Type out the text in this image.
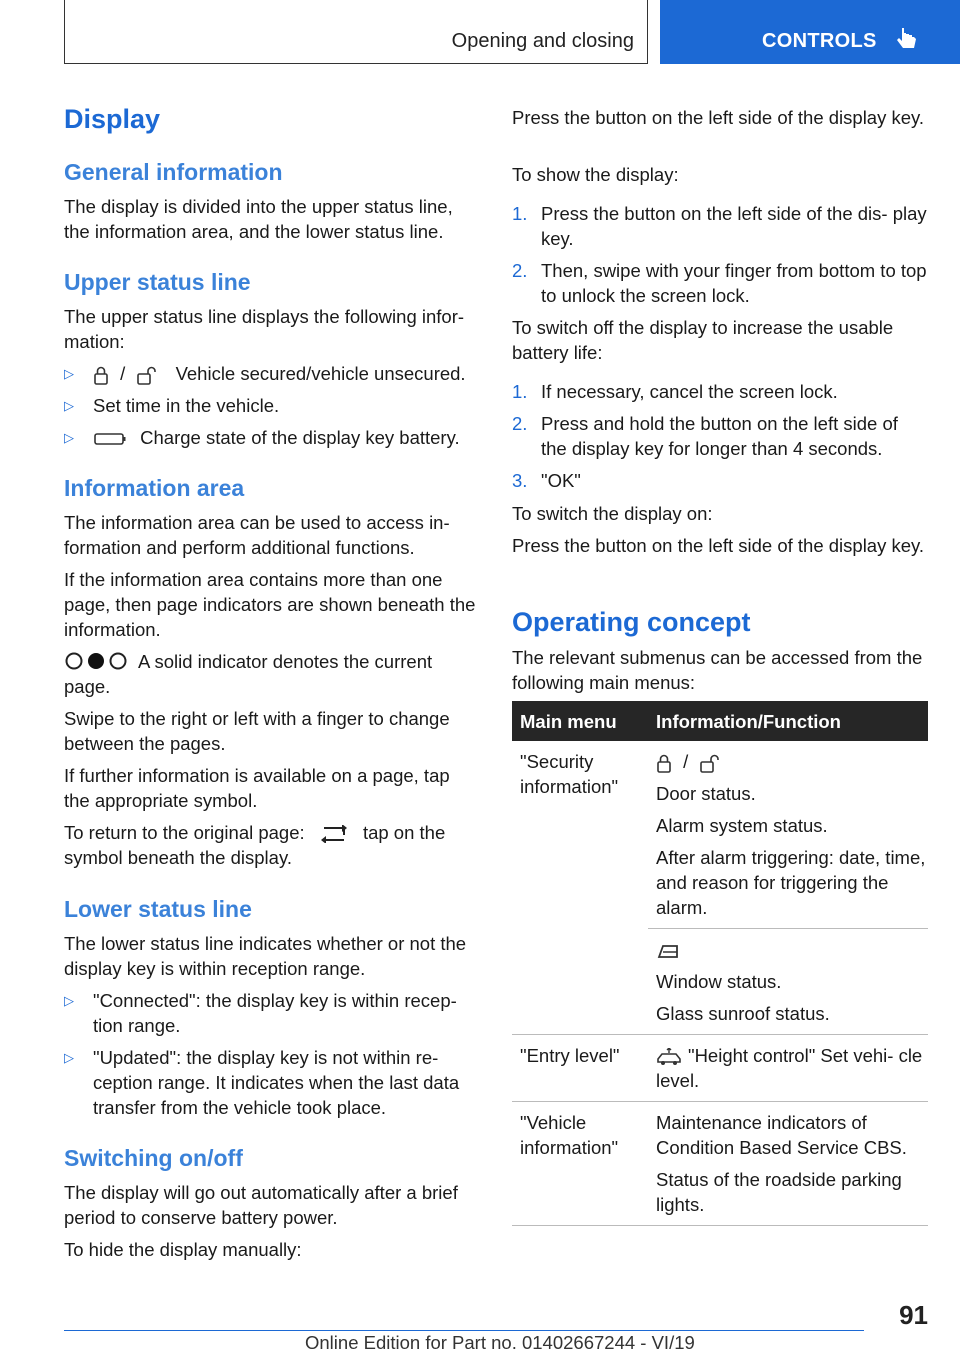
Opening and closing	CONTROLS
Display
General information
The display is divided into the upper status line, the information area, and the lower status line.
Upper status line
The upper status line displays the following infor- mation:
▷	/	Vehicle secured/vehicle unsecured.
▷ Set time in the vehicle.
▷	Charge state of the display key battery.
Information area
The information area can be used to access in- formation and perform additional functions.
If the information area contains more than one page, then page indicators are shown beneath the information.
A solid indicator denotes the current page.
Swipe to the right or left with a finger to change between the pages.
If further information is available on a page, tap the appropriate symbol.
To return to the original page:	tap on the symbol beneath the display.
Lower status line
The lower status line indicates whether or not the display key is within reception range.
▷ "Connected": the display key is within recep- tion range.
▷ "Updated": the display key is not within re- ception range. It indicates when the last data transfer from the vehicle took place.
Switching on/off
The display will go out automatically after a brief period to conserve battery power.
To hide the display manually:
Press the button on the left side of the display key.
To show the display:
1. Press the button on the left side of the dis- play key.
2. Then, swipe with your finger from bottom to top to unlock the screen lock.
To switch off the display to increase the usable battery life:
1. If necessary, cancel the screen lock.
2. Press and hold the button on the left side of the display key for longer than 4 seconds.
3. "OK"
To switch the display on:
Press the button on the left side of the display key.
Operating concept
The relevant submenus can be accessed from the following main menus:
Main menu	Information/Function
"Security information"	/

Door status.

Alarm system status.

After alarm triggering: date, time, and reason for triggering the alarm.

	Window status.

Glass sunroof status.

"Entry level"	"Height control" Set vehi- cle level.

"Vehicle information"	Maintenance indicators of Condition Based Service CBS.

Status of the roadside parking lights.

91
Online Edition for Part no. 01402667244 - VI/19
